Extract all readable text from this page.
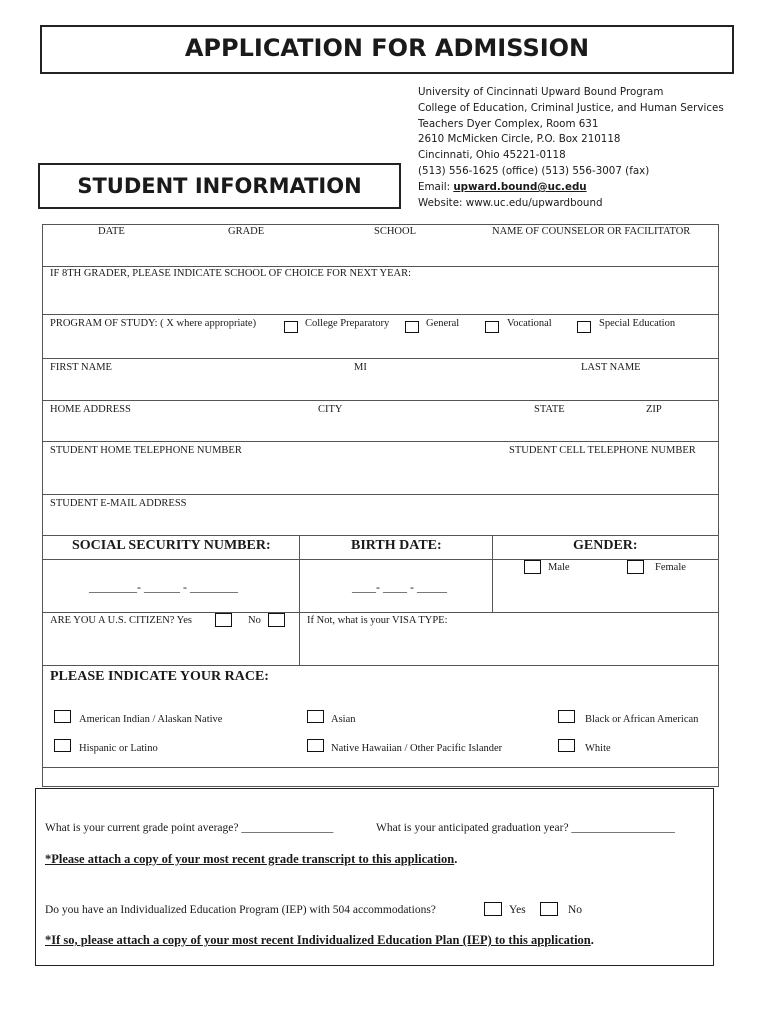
APPLICATION FOR ADMISSION
University of Cincinnati Upward Bound Program
College of Education, Criminal Justice, and Human Services
Teachers Dyer Complex, Room 631
2610 McMicken Circle, P.O. Box 210118
Cincinnati, Ohio 45221-0118
(513) 556-1625 (office) (513) 556-3007 (fax)
Email: upward.bound@uc.edu
Website: www.uc.edu/upwardbound
STUDENT INFORMATION
DATE	GRADE	SCHOOL	NAME OF COUNSELOR OR FACILITATOR
IF 8TH GRADER, PLEASE INDICATE SCHOOL OF CHOICE FOR NEXT YEAR:
PROGRAM OF STUDY: ( X where appropriate)	College Preparatory	General	Vocational	Special Education
FIRST NAME	MI	LAST NAME
HOME ADDRESS	CITY	STATE	ZIP
STUDENT HOME TELEPHONE NUMBER	STUDENT CELL TELEPHONE NUMBER
STUDENT E-MAIL ADDRESS
SOCIAL SECURITY NUMBER:	BIRTH DATE:	GENDER:
________- ______ - ________	____- ____ - _____
Male	Female
ARE YOU A U.S. CITIZEN? Yes	No	If Not, what is your VISA TYPE:
PLEASE INDICATE YOUR RACE:
American Indian / Alaskan Native	Asian	Black or African American
Hispanic or Latino	Native Hawaiian / Other Pacific Islander	White
What is your current grade point average? ________________	What is your anticipated graduation year? __________________
*Please attach a copy of your most recent grade transcript to this application.
Do you have an Individualized Education Program (IEP) with 504 accommodations?	Yes	No
*If so, please attach a copy of your most recent Individualized Education Plan (IEP) to this application.
